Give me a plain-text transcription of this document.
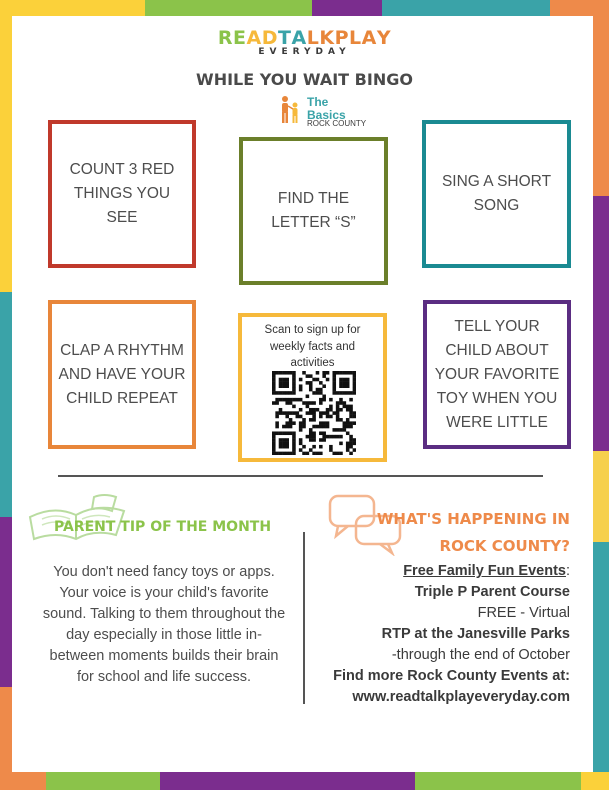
READTALKPLAY
EVERYDAY
WHILE YOU WAIT BINGO
The
Basics
ROCK COUNTY
COUNT 3 RED THINGS YOU SEE
FIND THE LETTER “S”
SING A SHORT SONG
CLAP A RHYTHM AND HAVE YOUR CHILD REPEAT
TELL YOUR CHILD ABOUT YOUR FAVORITE TOY WHEN YOU WERE LITTLE
Scan to sign up for weekly facts and activities
PARENT TIP OF THE MONTH
You don't need fancy toys or apps. Your voice is your child's favorite sound. Talking to them throughout the day especially in those little in-between moments builds their brain for school and life success.
WHAT'S HAPPENING IN
ROCK COUNTY?
Free Family Fun Events:
Triple P Parent Course
FREE - Virtual
RTP at the Janesville Parks
-through the end of October
Find more Rock County Events at:
www.readtalkplayeveryday.com
